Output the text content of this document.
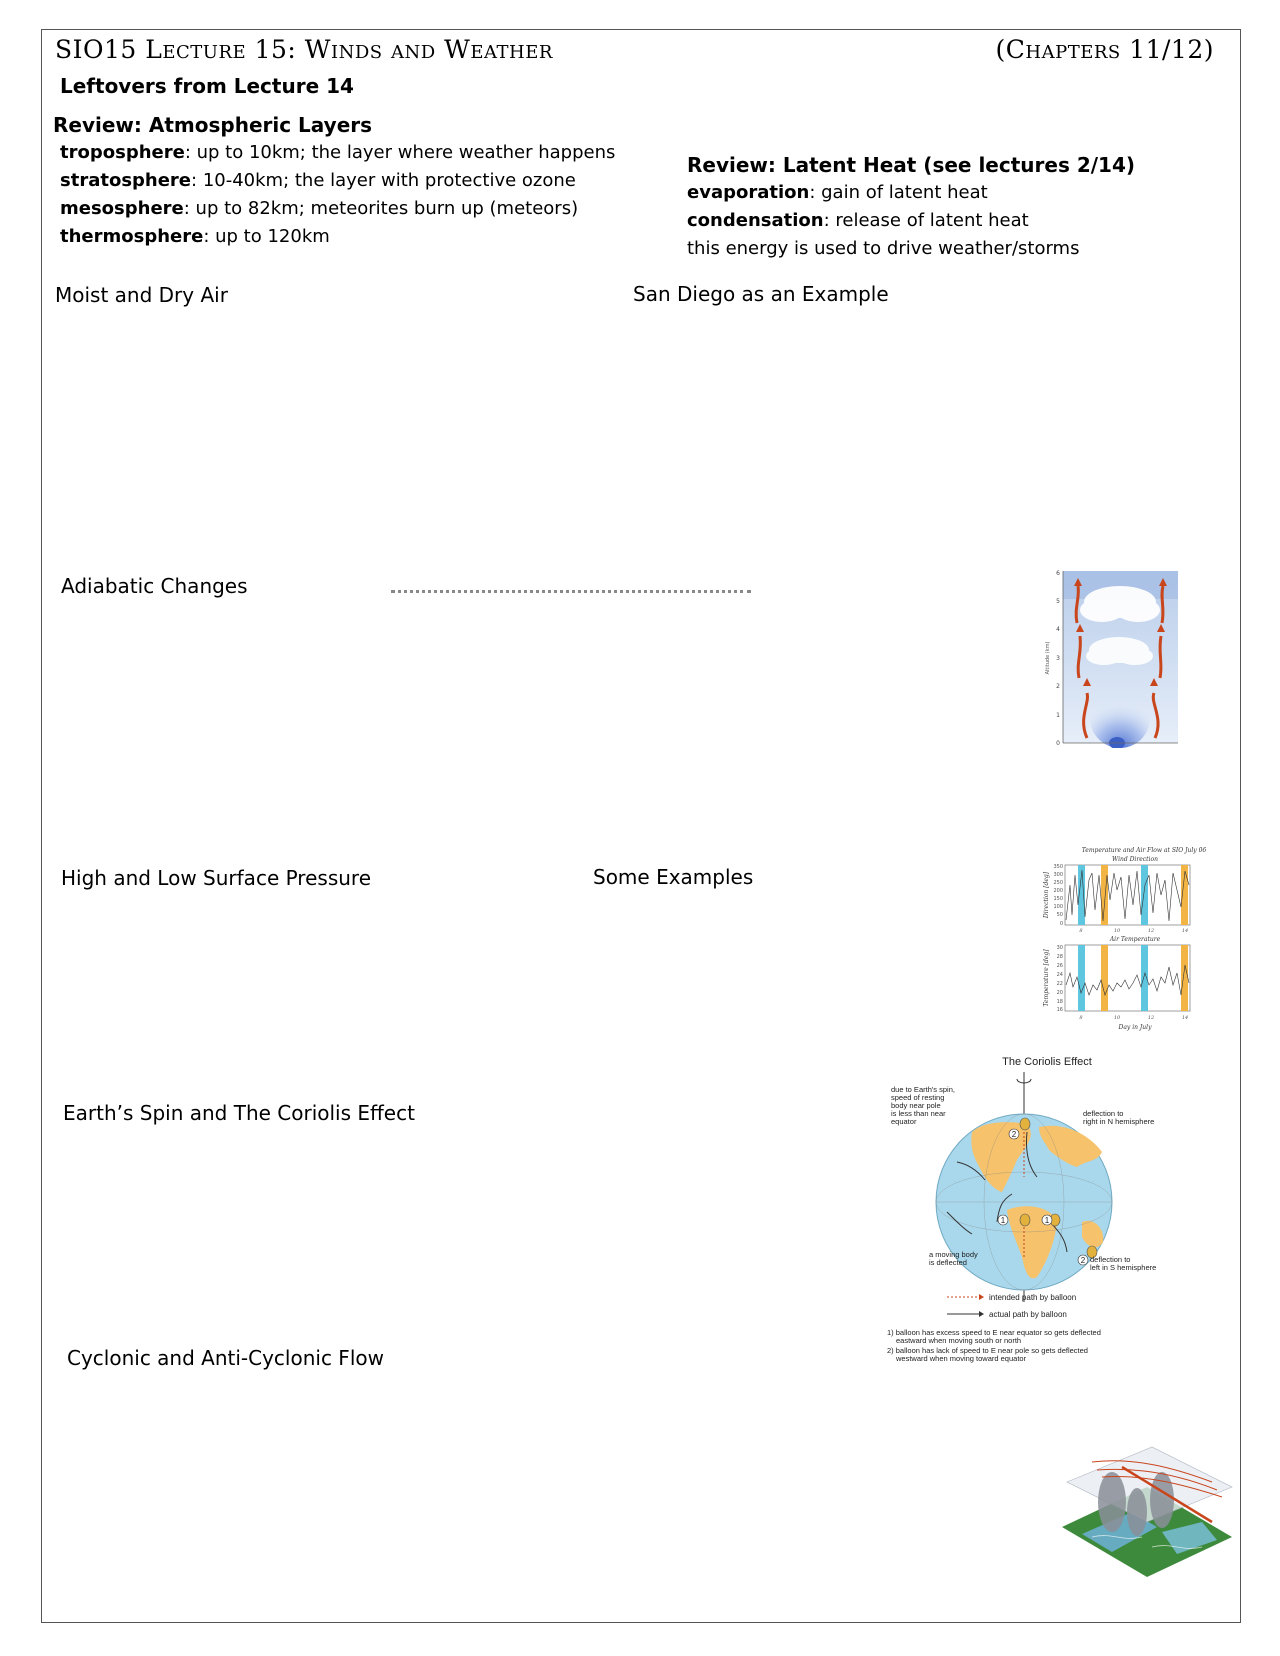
SIO15 Lecture 15: Winds and Weather	(Chapters 11/12)
Leftovers from Lecture 14
Review: Atmospheric Layers
troposphere: up to 10km; the layer where weather happens
stratosphere: 10-40km; the layer with protective ozone
mesosphere: up to 82km; meteorites burn up (meteors)
thermosphere: up to 120km
Review: Latent Heat (see lectures 2/14)
evaporation: gain of latent heat
condensation: release of latent heat
this energy is used to drive weather/storms
Moist and Dry Air	San Diego as an Example
Adiabatic Changes
High and Low Surface Pressure	Some Examples
Earth’s Spin and The Coriolis Effect
Cyclonic and Anti-Cyclonic Flow
0
1
2
3
4
5
6
Altitude (km)
Temperature and Air Flow at SIO July 06
Wind Direction
350
300
250
200
150
100
50
0
Direction [deg]
8	10	12	14
Air Temperature
30
28
26
24
22
20
18
16
Temperature [deg]
8	10	12	14
Day in July
The Coriolis Effect
2
1	1
2
due to Earth's spin,
speed of resting
body near pole
is less than near
equator
deflection to
right in N hemisphere
a moving body
is deflected	deflection to
left in S hemisphere
intended path by balloon
actual path by balloon
1) balloon has excess speed to E near equator so gets deflected
eastward when moving south or north
2) balloon has lack of speed to E near pole so gets deflected
westward when moving toward equator
